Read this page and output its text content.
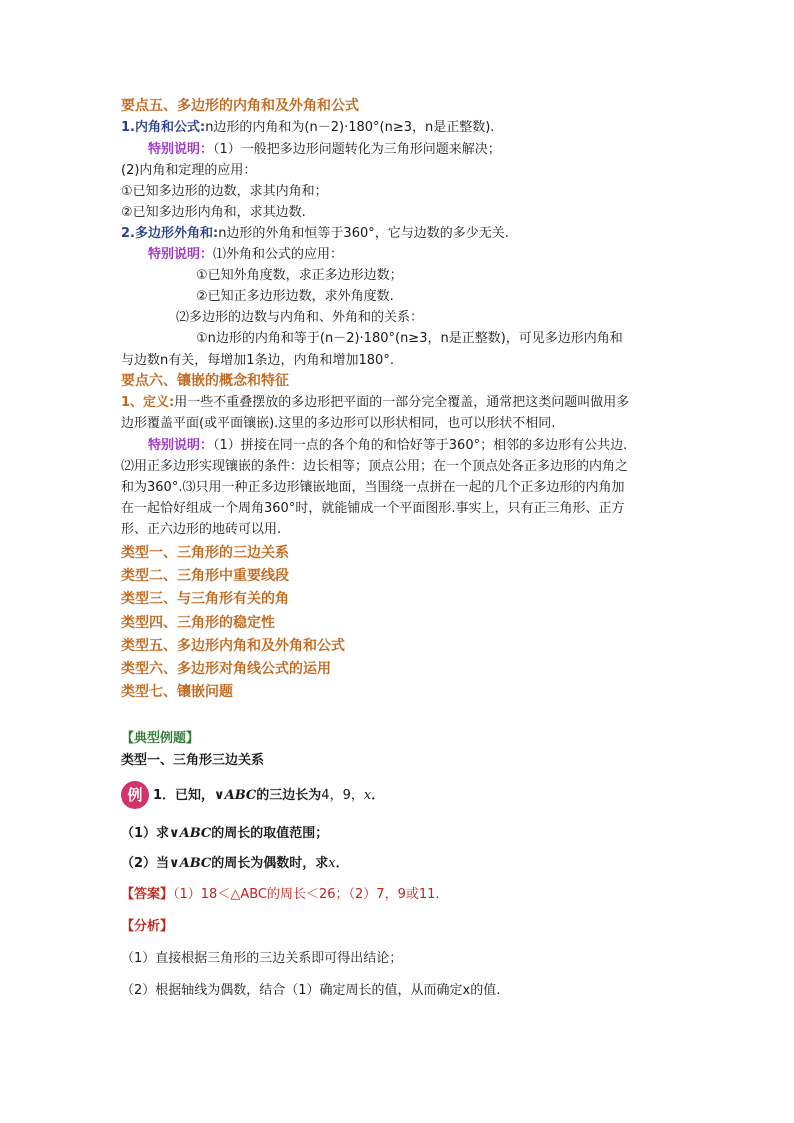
要点五、多边形的内角和及外角和公式
1.内角和公式:n边形的内角和为(n－2)·180°(n≥3，n是正整数).
特别说明：（1）一般把多边形问题转化为三角形问题来解决；
(2)内角和定理的应用：
①已知多边形的边数，求其内角和；
②已知多边形内角和，求其边数.
2.多边形外角和:n边形的外角和恒等于360°，它与边数的多少无关.
特别说明：⑴外角和公式的应用：
①已知外角度数，求正多边形边数；
②已知正多边形边数，求外角度数.
⑵多边形的边数与内角和、外角和的关系：
①n边形的内角和等于(n－2)·180°(n≥3，n是正整数)，可见多边形内角和
与边数n有关，每增加1条边，内角和增加180°.
要点六、镶嵌的概念和特征
1、定义:用一些不重叠摆放的多边形把平面的一部分完全覆盖，通常把这类问题叫做用多
边形覆盖平面(或平面镶嵌).这里的多边形可以形状相同，也可以形状不相同.
特别说明：（1）拼接在同一点的各个角的和恰好等于360°；相邻的多边形有公共边.
⑵用正多边形实现镶嵌的条件：边长相等；顶点公用；在一个顶点处各正多边形的内角之
和为360°.⑶只用一种正多边形镶嵌地面，当围绕一点拼在一起的几个正多边形的内角加
在一起恰好组成一个周角360°时，就能铺成一个平面图形.事实上，只有正三角形、正方
形、正六边形的地砖可以用.
类型一、三角形的三边关系
类型二、三角形中重要线段
类型三、与三角形有关的角
类型四、三角形的稳定性
类型五、多边形内角和及外角和公式
类型六、多边形对角线公式的运用
类型七、镶嵌问题
【典型例题】
类型一、三角形三边关系
例 1．已知，∨ABC的三边长为4，9，x．
（1）求∨ABC的周长的取值范围；
（2）当∨ABC的周长为偶数时，求x．
【答案】（1）18＜△ABC的周长＜26；（2）7，9或11.
【分析】
（1）直接根据三角形的三边关系即可得出结论；
（2）根据轴线为偶数，结合（1）确定周长的值，从而确定x的值.
